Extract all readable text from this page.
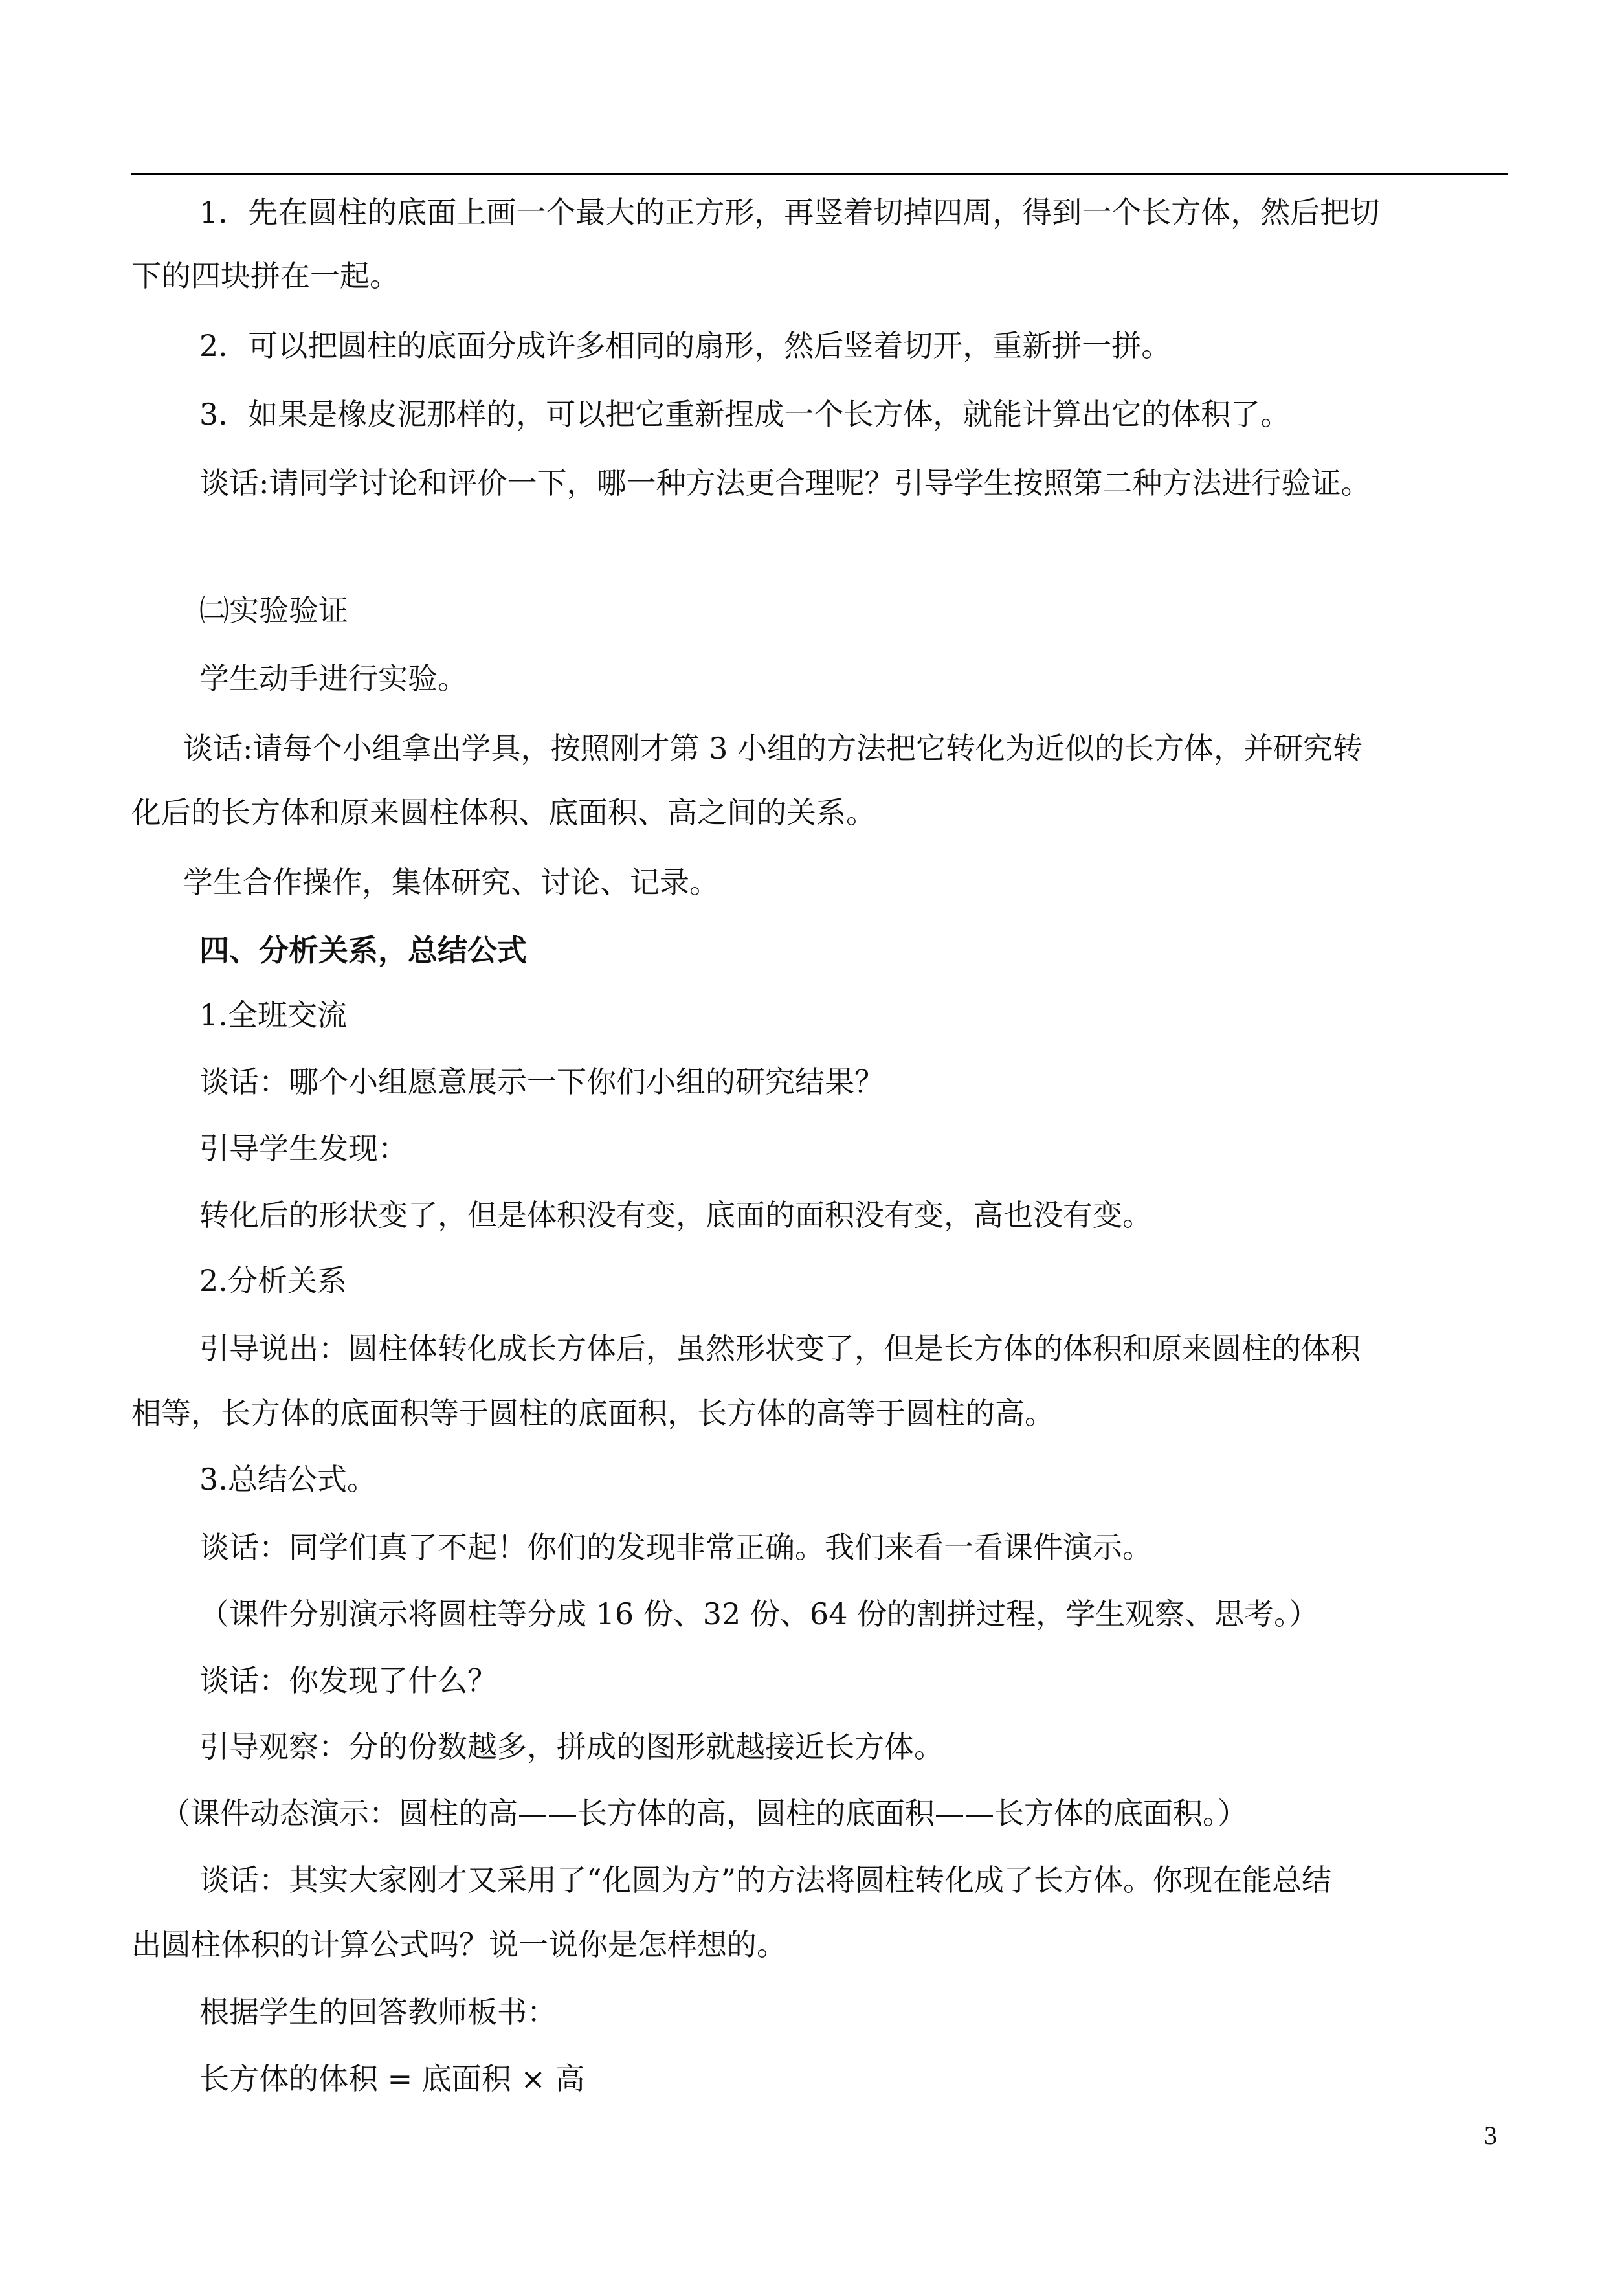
1．先在圆柱的底面上画一个最大的正方形，再竖着切掉四周，得到一个长方体，然后把切
下的四块拼在一起。
2．可以把圆柱的底面分成许多相同的扇形，然后竖着切开，重新拼一拼。
3．如果是橡皮泥那样的，可以把它重新捏成一个长方体，就能计算出它的体积了。
谈话:请同学讨论和评价一下，哪一种方法更合理呢？引导学生按照第二种方法进行验证。
㈡实验验证
学生动手进行实验。
谈话:请每个小组拿出学具，按照刚才第 3 小组的方法把它转化为近似的长方体，并研究转
化后的长方体和原来圆柱体积、底面积、高之间的关系。
学生合作操作，集体研究、讨论、记录。
四、分析关系，总结公式
1.全班交流
谈话：哪个小组愿意展示一下你们小组的研究结果？
引导学生发现：
转化后的形状变了，但是体积没有变，底面的面积没有变，高也没有变。
2.分析关系
引导说出：圆柱体转化成长方体后，虽然形状变了，但是长方体的体积和原来圆柱的体积
相等，长方体的底面积等于圆柱的底面积，长方体的高等于圆柱的高。
3.总结公式。
谈话：同学们真了不起！你们的发现非常正确。我们来看一看课件演示。
（课件分别演示将圆柱等分成 16 份、32 份、64 份的割拼过程，学生观察、思考。）
谈话：你发现了什么？
引导观察：分的份数越多，拼成的图形就越接近长方体。
（课件动态演示：圆柱的高——长方体的高，圆柱的底面积——长方体的底面积。）
谈话：其实大家刚才又采用了“化圆为方”的方法将圆柱转化成了长方体。你现在能总结
出圆柱体积的计算公式吗？说一说你是怎样想的。
根据学生的回答教师板书：
长方体的体积 = 底面积 × 高
3
